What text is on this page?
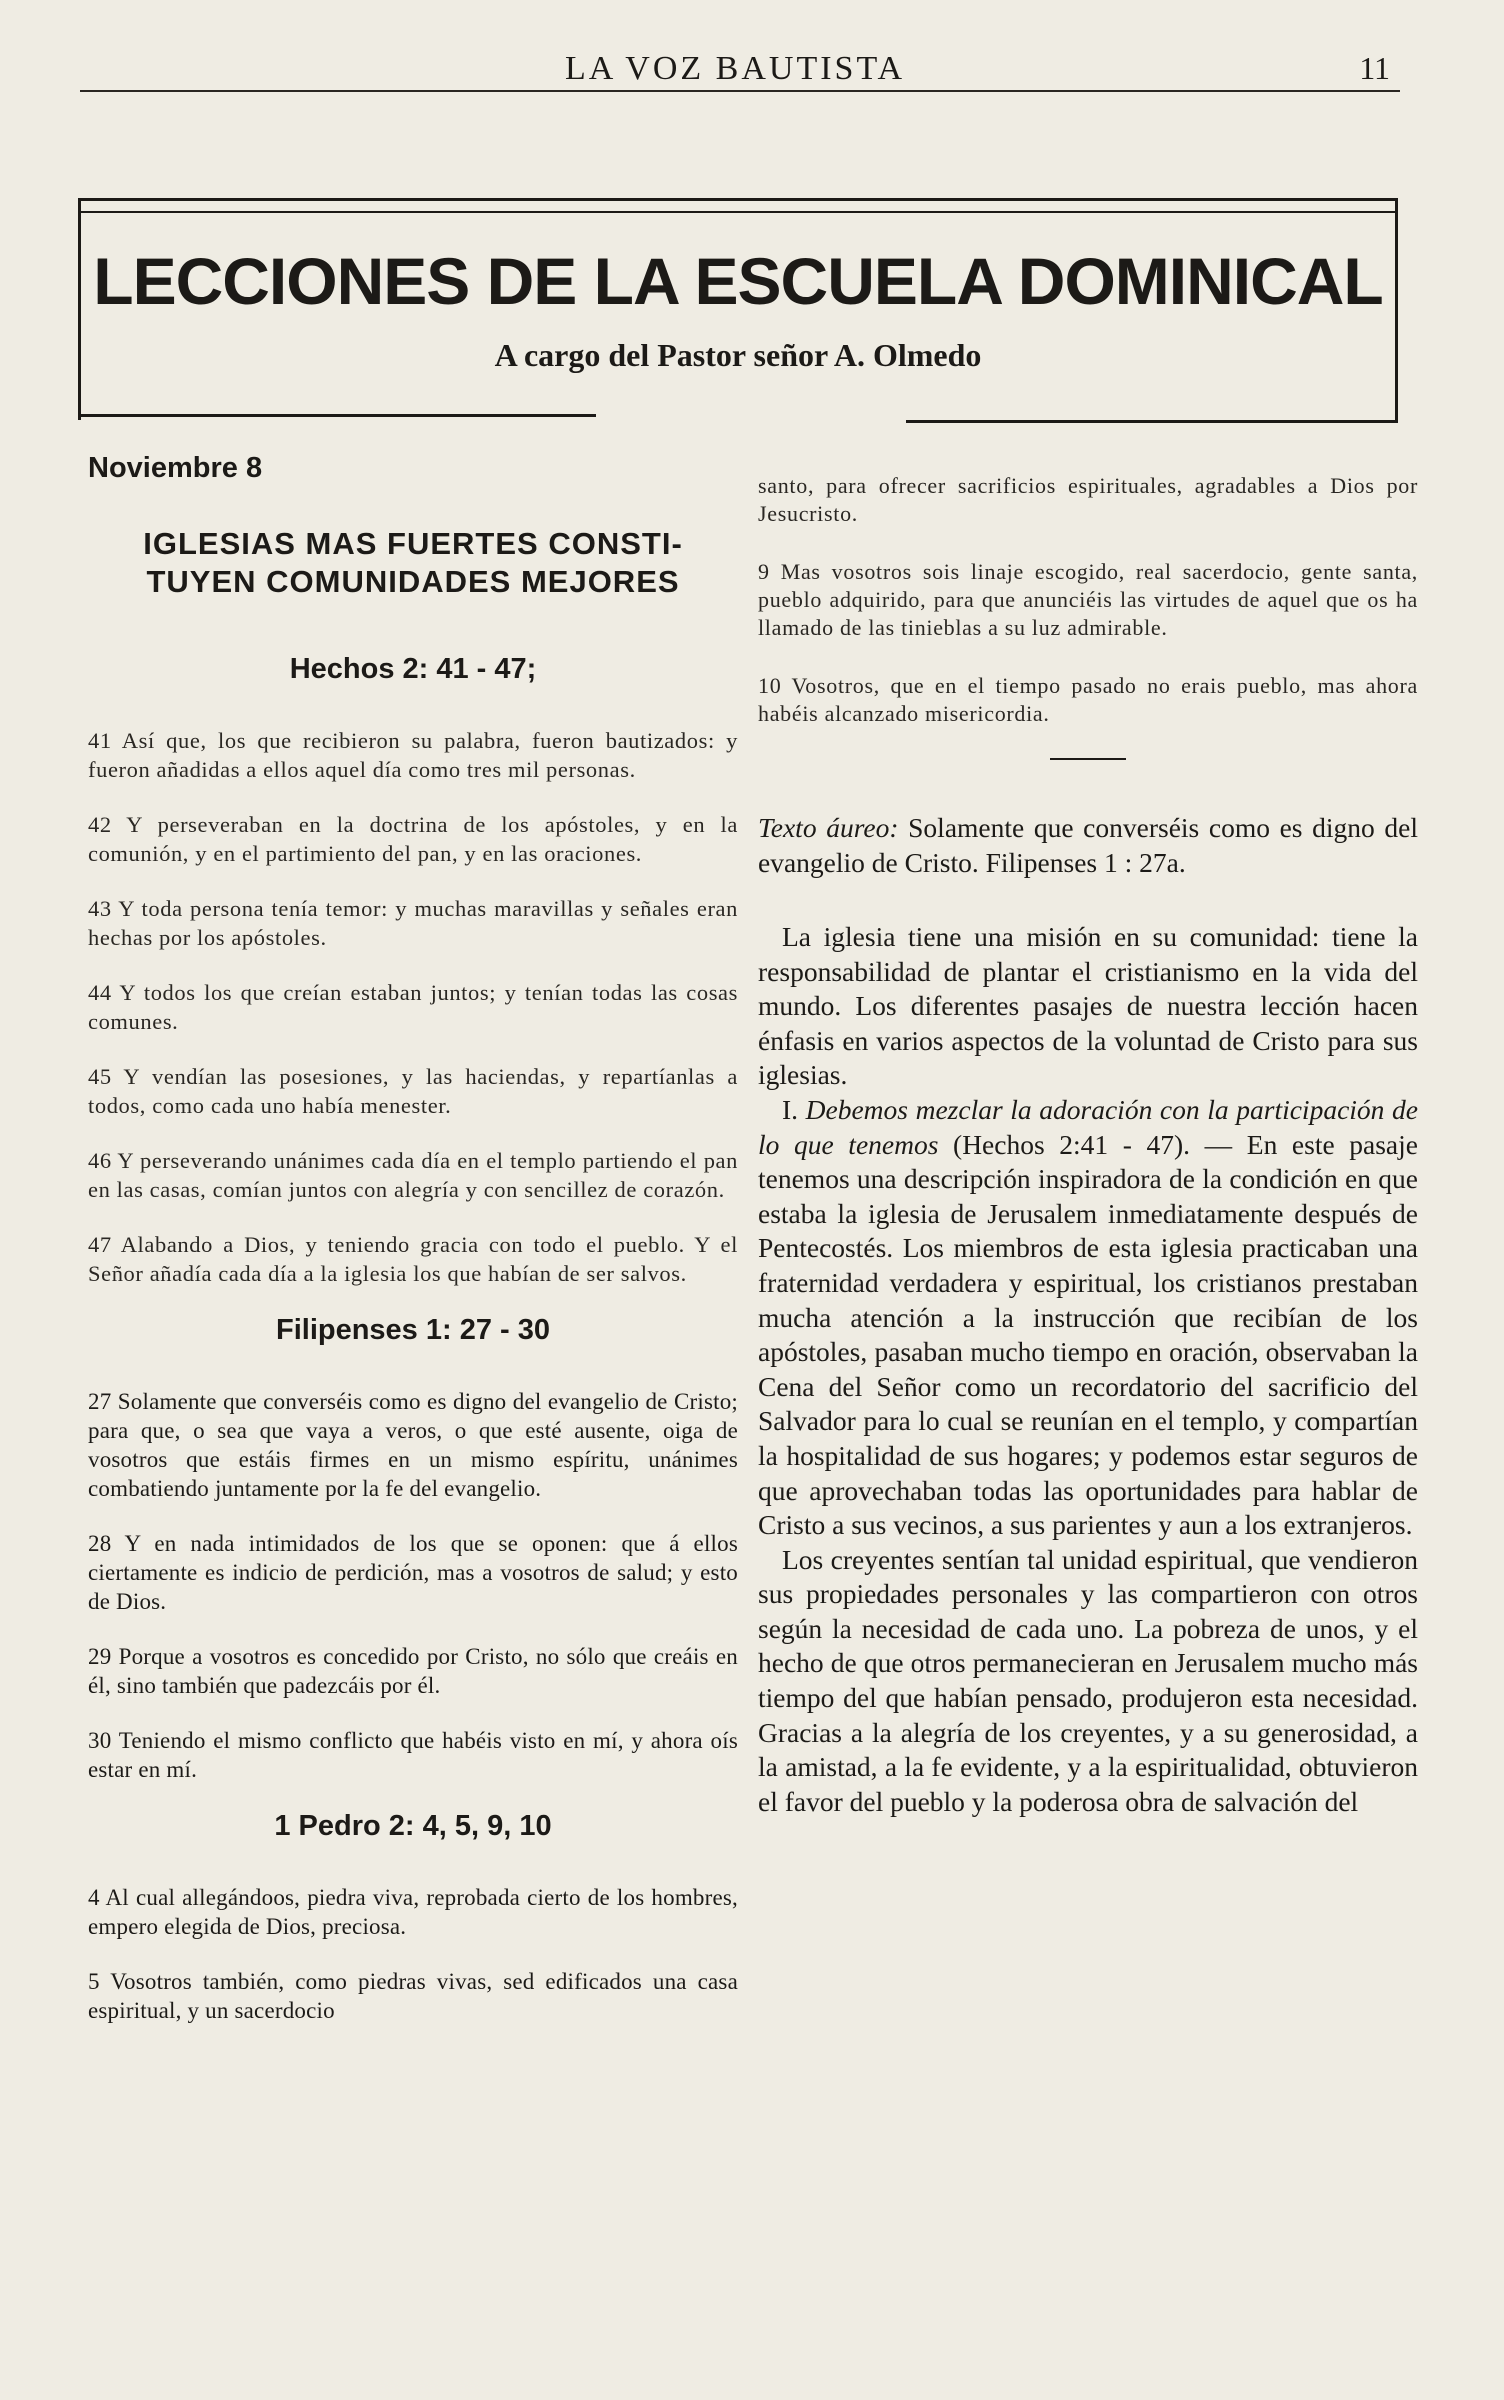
LA VOZ BAUTISTA	11
LECCIONES DE LA ESCUELA DOMINICAL
A cargo del Pastor señor A. Olmedo
Noviembre 8
IGLESIAS MAS FUERTES CONSTI-
TUYEN COMUNIDADES MEJORES
Hechos 2: 41 - 47;

41 Así que, los que recibieron su palabra, fueron bautizados: y fueron añadidas a ellos aquel día como tres mil personas.

42 Y perseveraban en la doctrina de los apóstoles, y en la comunión, y en el partimiento del pan, y en las oraciones.

43 Y toda persona tenía temor: y muchas maravillas y señales eran hechas por los apóstoles.

44 Y todos los que creían estaban juntos; y tenían todas las cosas comunes.

45 Y vendían las posesiones, y las haciendas, y repartíanlas a todos, como cada uno había menester.

46 Y perseverando unánimes cada día en el templo partiendo el pan en las casas, comían juntos con alegría y con sencillez de corazón.

47 Alabando a Dios, y teniendo gracia con todo el pueblo. Y el Señor añadía cada día a la iglesia los que habían de ser salvos.

Filipenses 1: 27 - 30

27 Solamente que converséis como es digno del evangelio de Cristo; para que, o sea que vaya a veros, o que esté ausente, oiga de vosotros que estáis firmes en un mismo espíritu, unánimes combatiendo juntamente por la fe del evangelio.

28 Y en nada intimidados de los que se oponen: que á ellos ciertamente es indicio de perdición, mas a vosotros de salud; y esto de Dios.

29 Porque a vosotros es concedido por Cristo, no sólo que creáis en él, sino también que padezcáis por él.

30 Teniendo el mismo conflicto que habéis visto en mí, y ahora oís estar en mí.

1 Pedro 2: 4, 5, 9, 10

4 Al cual allegándoos, piedra viva, reprobada cierto de los hombres, empero elegida de Dios, preciosa.

5 Vosotros también, como piedras vivas, sed edificados una casa espiritual, y un sacerdocio

santo, para ofrecer sacrificios espirituales, agradables a Dios por Jesucristo.

9 Mas vosotros sois linaje escogido, real sacerdocio, gente santa, pueblo adquirido, para que anunciéis las virtudes de aquel que os ha llamado de las tinieblas a su luz admirable.

10 Vosotros, que en el tiempo pasado no erais pueblo, mas ahora habéis alcanzado misericordia.

Texto áureo: Solamente que converséis como es digno del evangelio de Cristo. Filipenses 1 : 27a.

La iglesia tiene una misión en su comunidad: tiene la responsabilidad de plantar el cristianismo en la vida del mundo. Los diferentes pasajes de nuestra lección hacen énfasis en varios aspectos de la voluntad de Cristo para sus iglesias.

I. Debemos mezclar la adoración con la participación de lo que tenemos (Hechos 2:41 - 47). — En este pasaje tenemos una descripción inspiradora de la condición en que estaba la iglesia de Jerusalem inmediatamente después de Pentecostés. Los miembros de esta iglesia practicaban una fraternidad verdadera y espiritual, los cristianos prestaban mucha atención a la instrucción que recibían de los apóstoles, pasaban mucho tiempo en oración, observaban la Cena del Señor como un recordatorio del sacrificio del Salvador para lo cual se reunían en el templo, y compartían la hospitalidad de sus hogares; y podemos estar seguros de que aprovechaban todas las oportunidades para hablar de Cristo a sus vecinos, a sus parientes y aun a los extranjeros.

Los creyentes sentían tal unidad espiritual, que vendieron sus propiedades personales y las compartieron con otros según la necesidad de cada uno. La pobreza de unos, y el hecho de que otros permanecieran en Jerusalem mucho más tiempo del que habían pensado, produjeron esta necesidad. Gracias a la alegría de los creyentes, y a su generosidad, a la amistad, a la fe evidente, y a la espiritualidad, obtuvieron el favor del pueblo y la poderosa obra de salvación del
